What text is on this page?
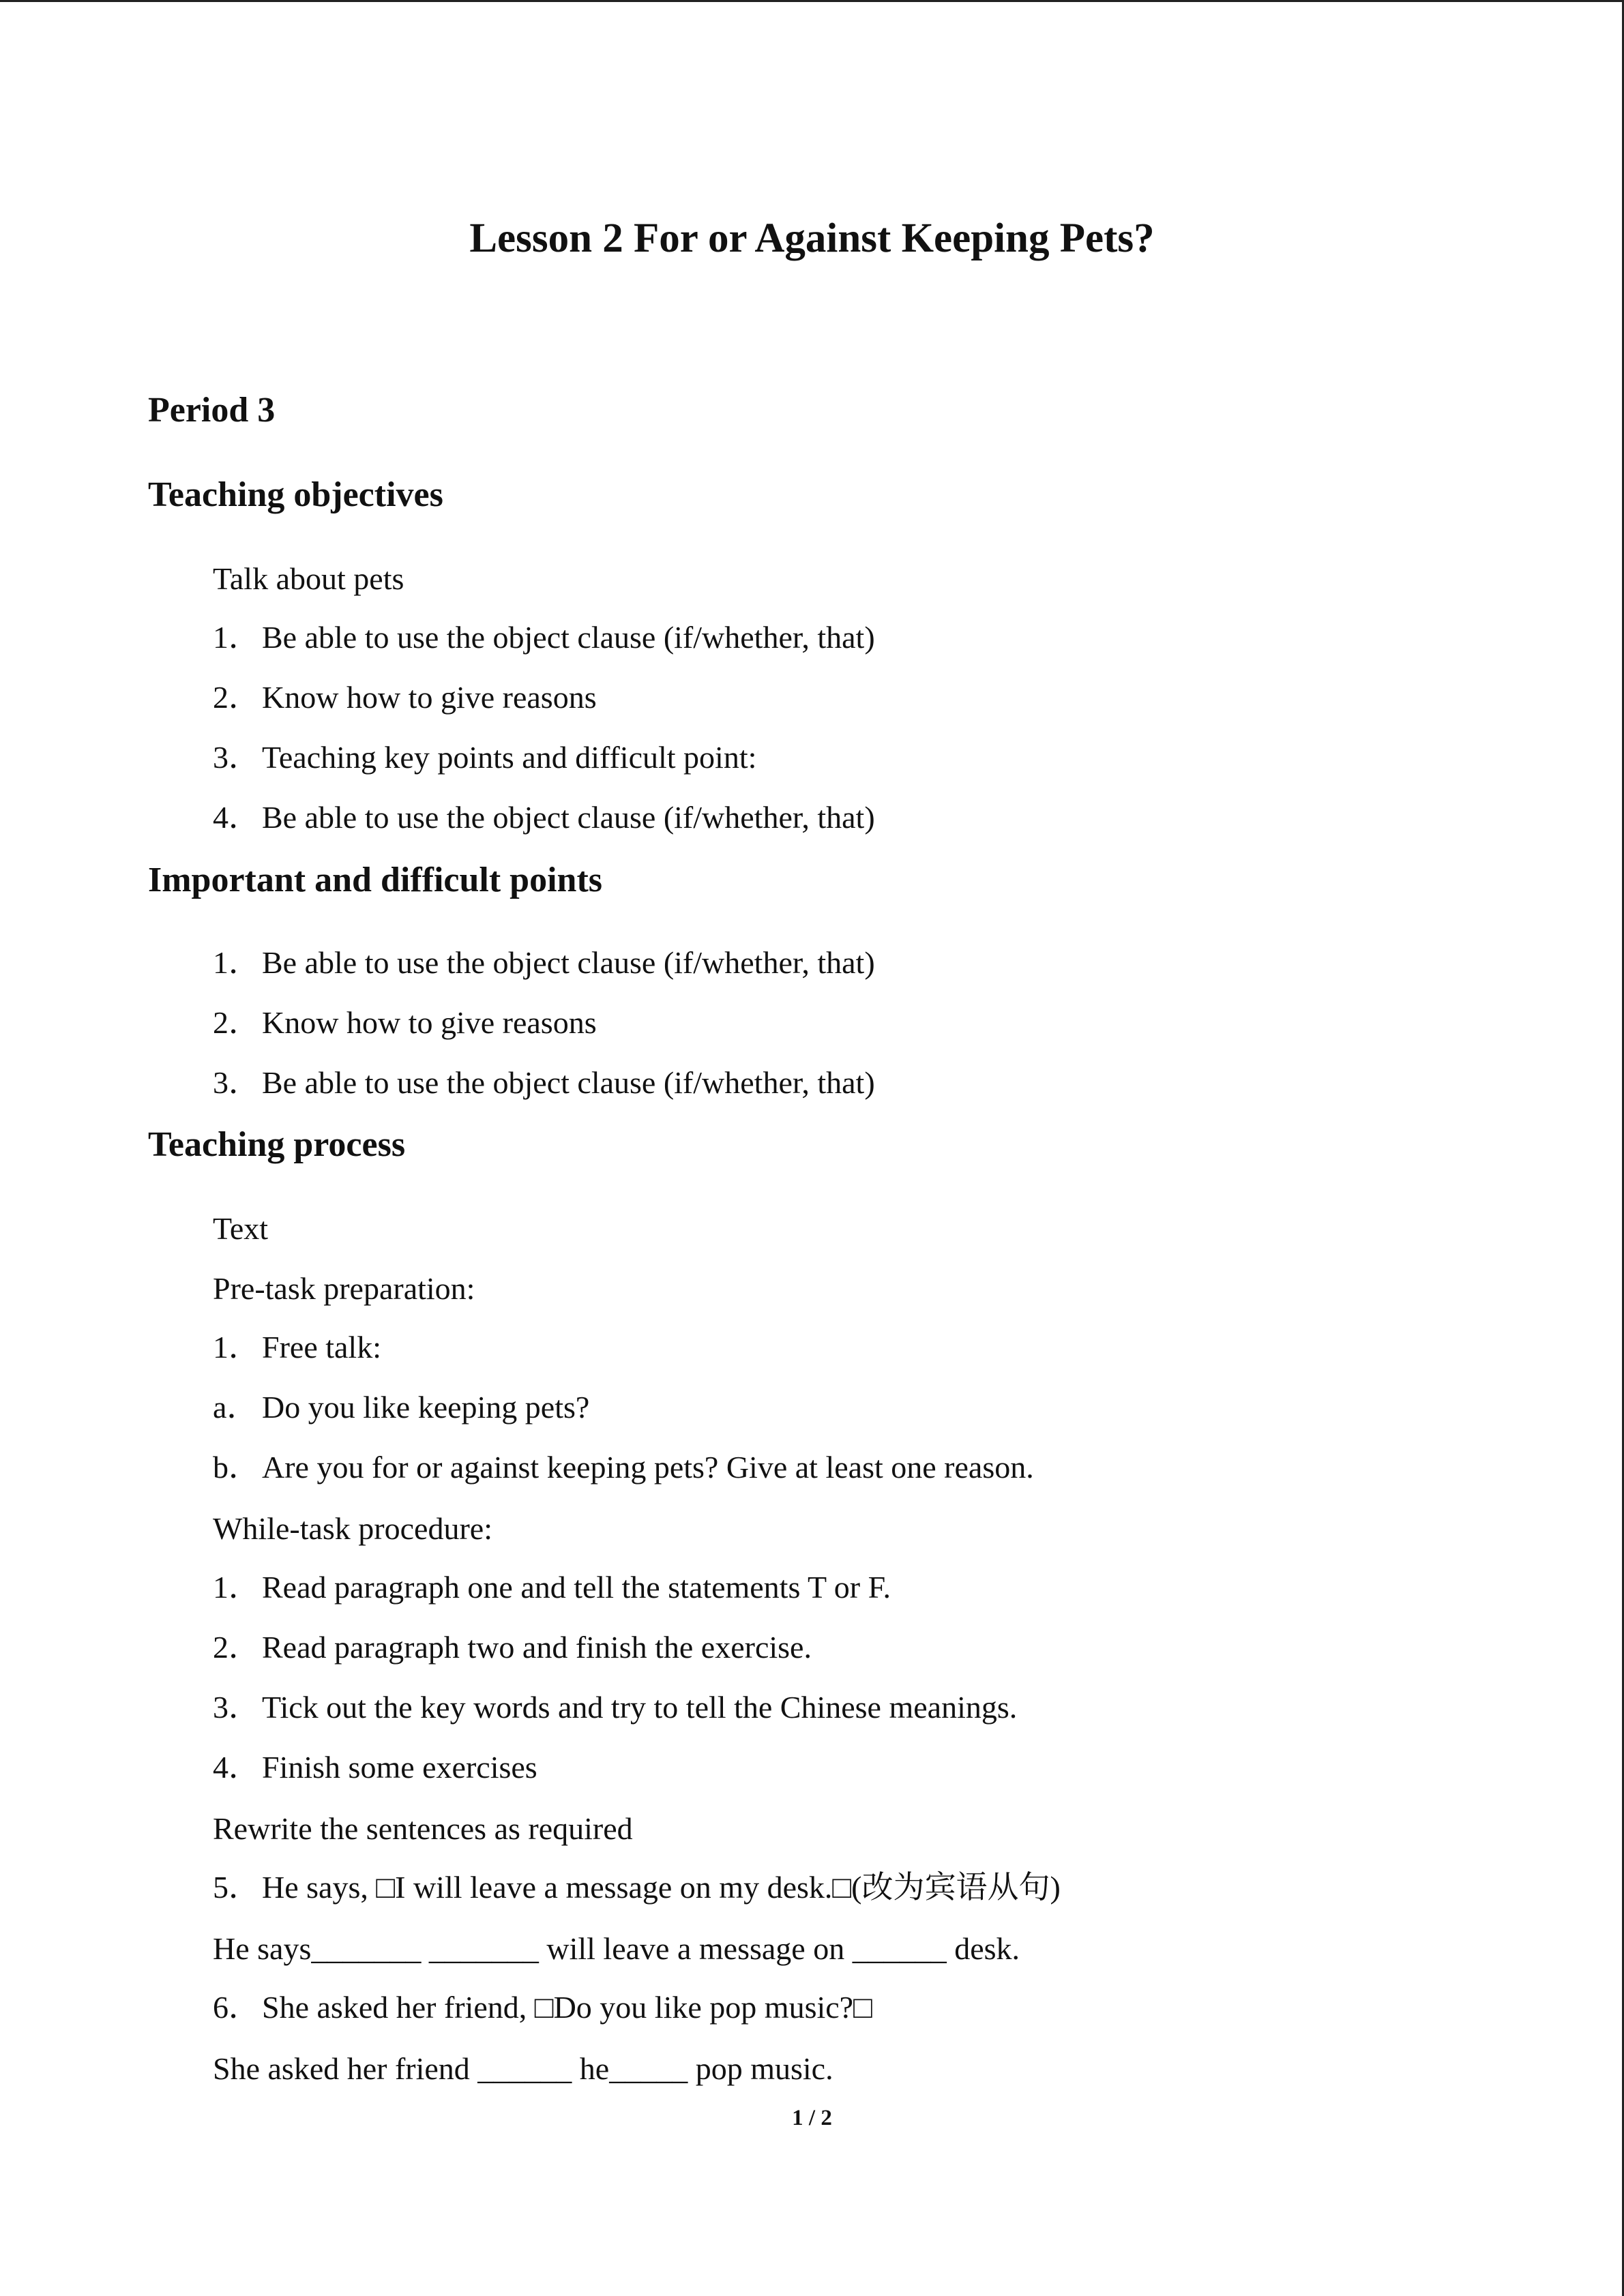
Lesson 2 For or Against Keeping Pets?
Period 3
Teaching objectives
Talk about pets
1．Be able to use the object clause (if/whether, that)
2．Know how to give reasons
3．Teaching key points and difficult point:
4．Be able to use the object clause (if/whether, that)
Important and difficult points
1．Be able to use the object clause (if/whether, that)
2．Know how to give reasons
3．Be able to use the object clause (if/whether, that)
Teaching process
Text
Pre-task preparation:
1．Free talk:
a． Do you like keeping pets?
b．Are you for or against keeping pets? Give at least one reason.
While-task procedure:
1．Read paragraph one and tell the statements T or F.
2．Read paragraph two and finish the exercise.
3．Tick out the key words and try to tell the Chinese meanings.
4．Finish some exercises
Rewrite the sentences as required
5．He says, □I will leave a message on my desk.□(改为宾语从句)
He says_______ _______ will leave a message on ______ desk.
6．She asked her friend, □Do you like pop music?□
She asked her friend ______ he_____ pop music.
1 / 2
